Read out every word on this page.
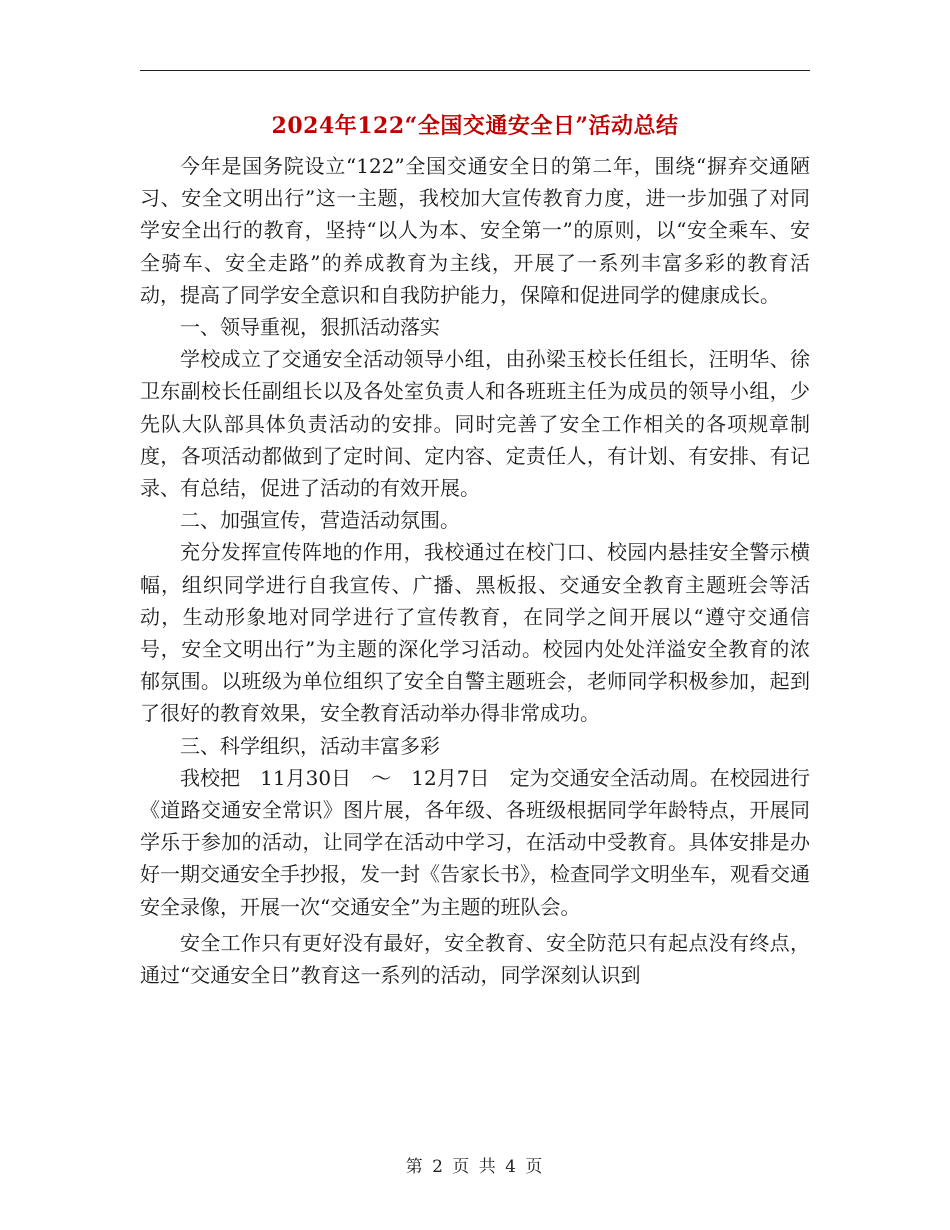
2024年122“全国交通安全日”活动总结

今年是国务院设立“122”全国交通安全日的第二年，围绕“摒弃交通陋习、安全文明出行”这一主题，我校加大宣传教育力度，进一步加强了对同学安全出行的教育，坚持“以人为本、安全第一”的原则，以“安全乘车、安全骑车、安全走路”的养成教育为主线，开展了一系列丰富多彩的教育活动，提高了同学安全意识和自我防护能力，保障和促进同学的健康成长。

一、领导重视，狠抓活动落实

学校成立了交通安全活动领导小组，由孙梁玉校长任组长，汪明华、徐卫东副校长任副组长以及各处室负责人和各班班主任为成员的领导小组，少先队大队部具体负责活动的安排。同时完善了安全工作相关的各项规章制度，各项活动都做到了定时间、定内容、定责任人，有计划、有安排、有记录、有总结，促进了活动的有效开展。

二、加强宣传，营造活动氛围。

充分发挥宣传阵地的作用，我校通过在校门口、校园内悬挂安全警示横幅，组织同学进行自我宣传、广播、黑板报、交通安全教育主题班会等活动，生动形象地对同学进行了宣传教育，在同学之间开展以“遵守交通信号，安全文明出行”为主题的深化学习活动。校园内处处洋溢安全教育的浓郁氛围。以班级为单位组织了安全自警主题班会，老师同学积极参加，起到了很好的教育效果，安全教育活动举办得非常成功。

三、科学组织，活动丰富多彩

我校把　11月30日　～　12月7日　定为交通安全活动周。在校园进行《道路交通安全常识》图片展，各年级、各班级根据同学年龄特点，开展同学乐于参加的活动，让同学在活动中学习，在活动中受教育。具体安排是办好一期交通安全手抄报，发一封《告家长书》，检查同学文明坐车，观看交通安全录像，开展一次“交通安全”为主题的班队会。

安全工作只有更好没有最好，安全教育、安全防范只有起点没有终点，通过“交通安全日”教育这一系列的活动，同学深刻认识到

第 2 页 共 4 页
